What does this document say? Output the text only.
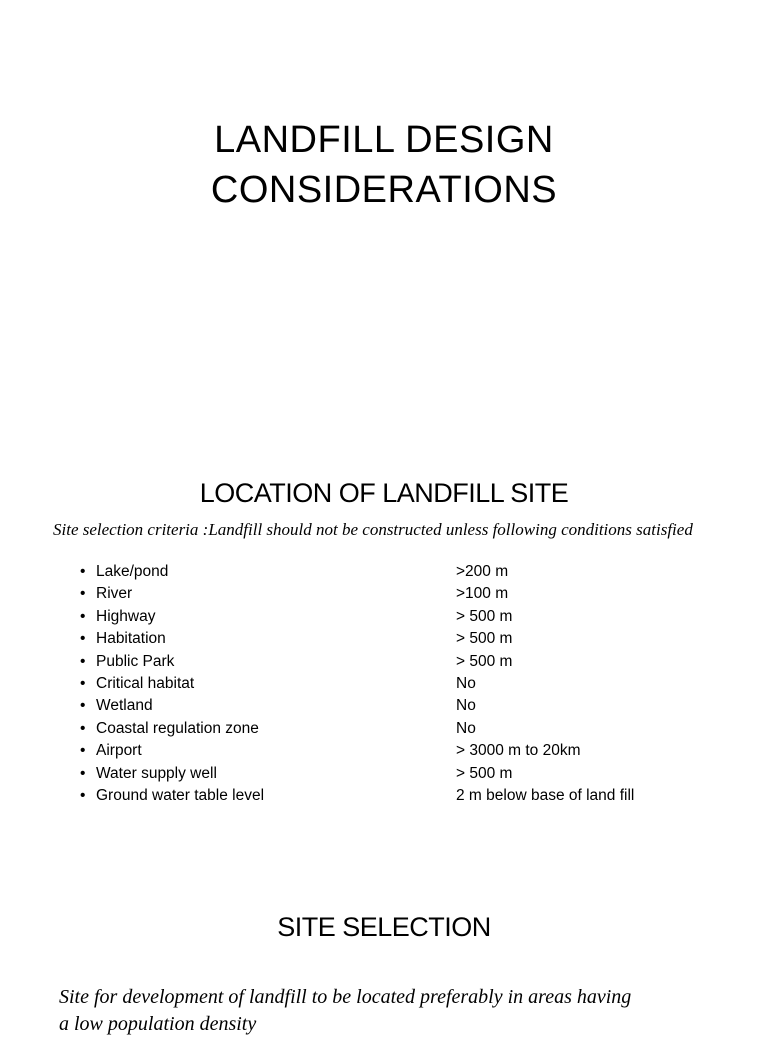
LANDFILL DESIGN
CONSIDERATIONS
LOCATION OF LANDFILL SITE

Site selection criteria :Landfill should not be constructed unless following conditions satisfied

• Lake/pond	>200 m
• River	>100 m
• Highway	> 500 m
• Habitation	> 500 m
• Public Park	> 500 m
• Critical habitat	No
• Wetland	No
• Coastal regulation zone	No
• Airport	> 3000 m to 20km
• Water supply well	> 500 m
• Ground water table level	2 m below base of land fill
SITE SELECTION

Site for development of landfill to be located preferably in areas having
a low population density
